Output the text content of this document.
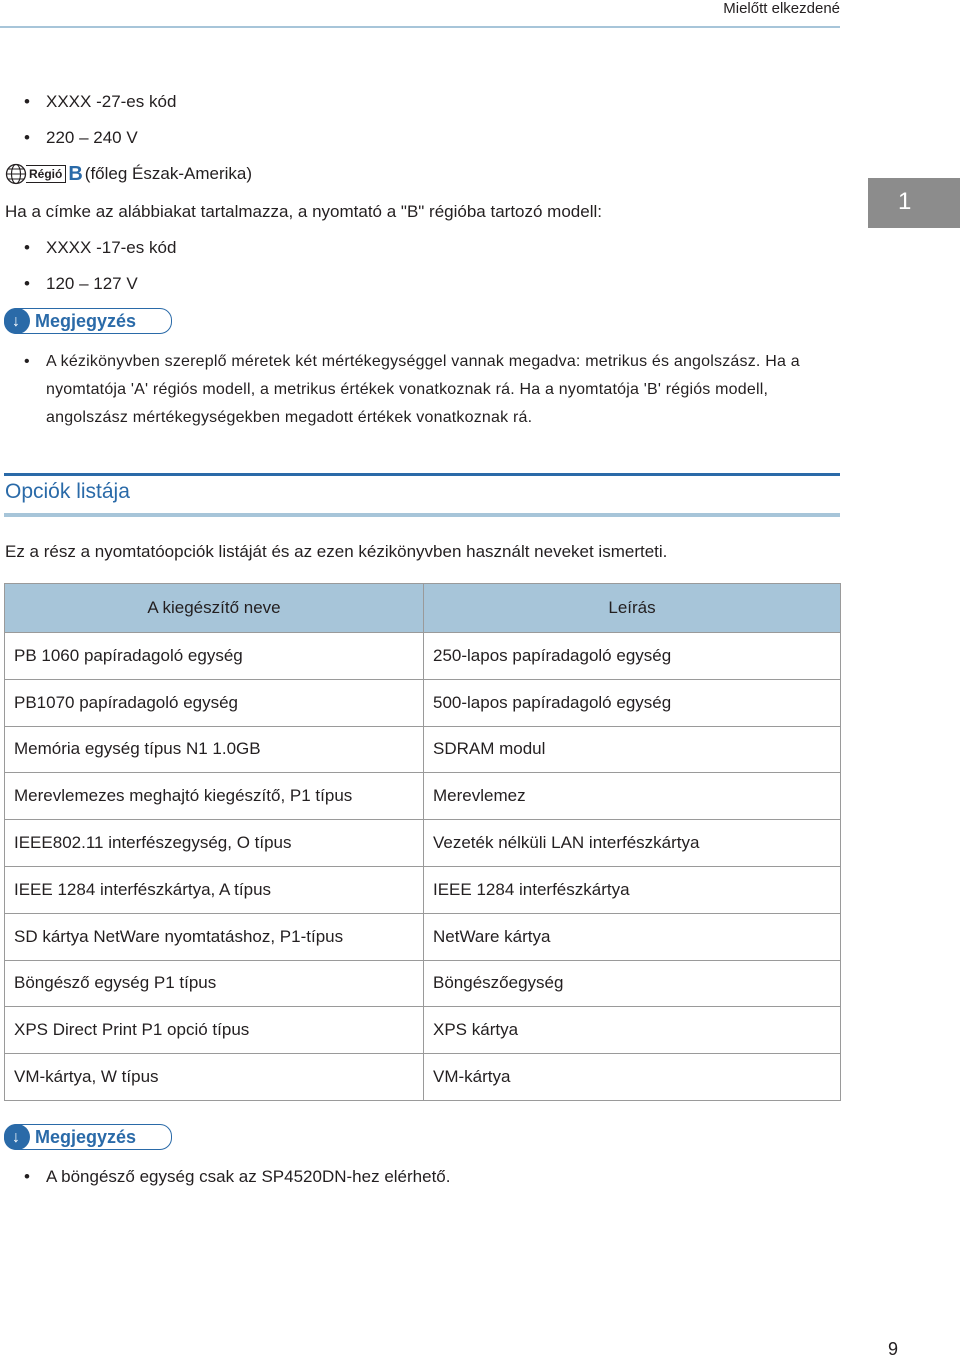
Mielőtt elkezdené
1
• XXXX -27-es kód
• 220 – 240 V
Régió B (főleg Észak-Amerika)
Ha a címke az alábbiakat tartalmazza, a nyomtató a "B" régióba tartozó modell:
• XXXX -17-es kód
• 120 – 127 V
↓ Megjegyzés
• A kézikönyvben szereplő méretek két mértékegységgel vannak megadva: metrikus és angolszász. Ha a nyomtatója 'A' régiós modell, a metrikus értékek vonatkoznak rá. Ha a nyomtatója 'B' régiós modell, angolszász mértékegységekben megadott értékek vonatkoznak rá.
Opciók listája
Ez a rész a nyomtatóopciók listáját és az ezen kézikönyvben használt neveket ismerteti.
A kiegészítő neve	Leírás
PB 1060 papíradagoló egység	250-lapos papíradagoló egység
PB1070 papíradagoló egység	500-lapos papíradagoló egység
Memória egység típus N1 1.0GB	SDRAM modul
Merevlemezes meghajtó kiegészítő, P1 típus	Merevlemez
IEEE802.11 interfészegység, O típus	Vezeték nélküli LAN interfészkártya
IEEE 1284 interfészkártya, A típus	IEEE 1284 interfészkártya
SD kártya NetWare nyomtatáshoz, P1-típus	NetWare kártya
Böngésző egység P1 típus	Böngészőegység
XPS Direct Print P1 opció típus	XPS kártya
VM-kártya, W típus	VM-kártya
↓ Megjegyzés
• A böngésző egység csak az SP4520DN-hez elérhető.
9
